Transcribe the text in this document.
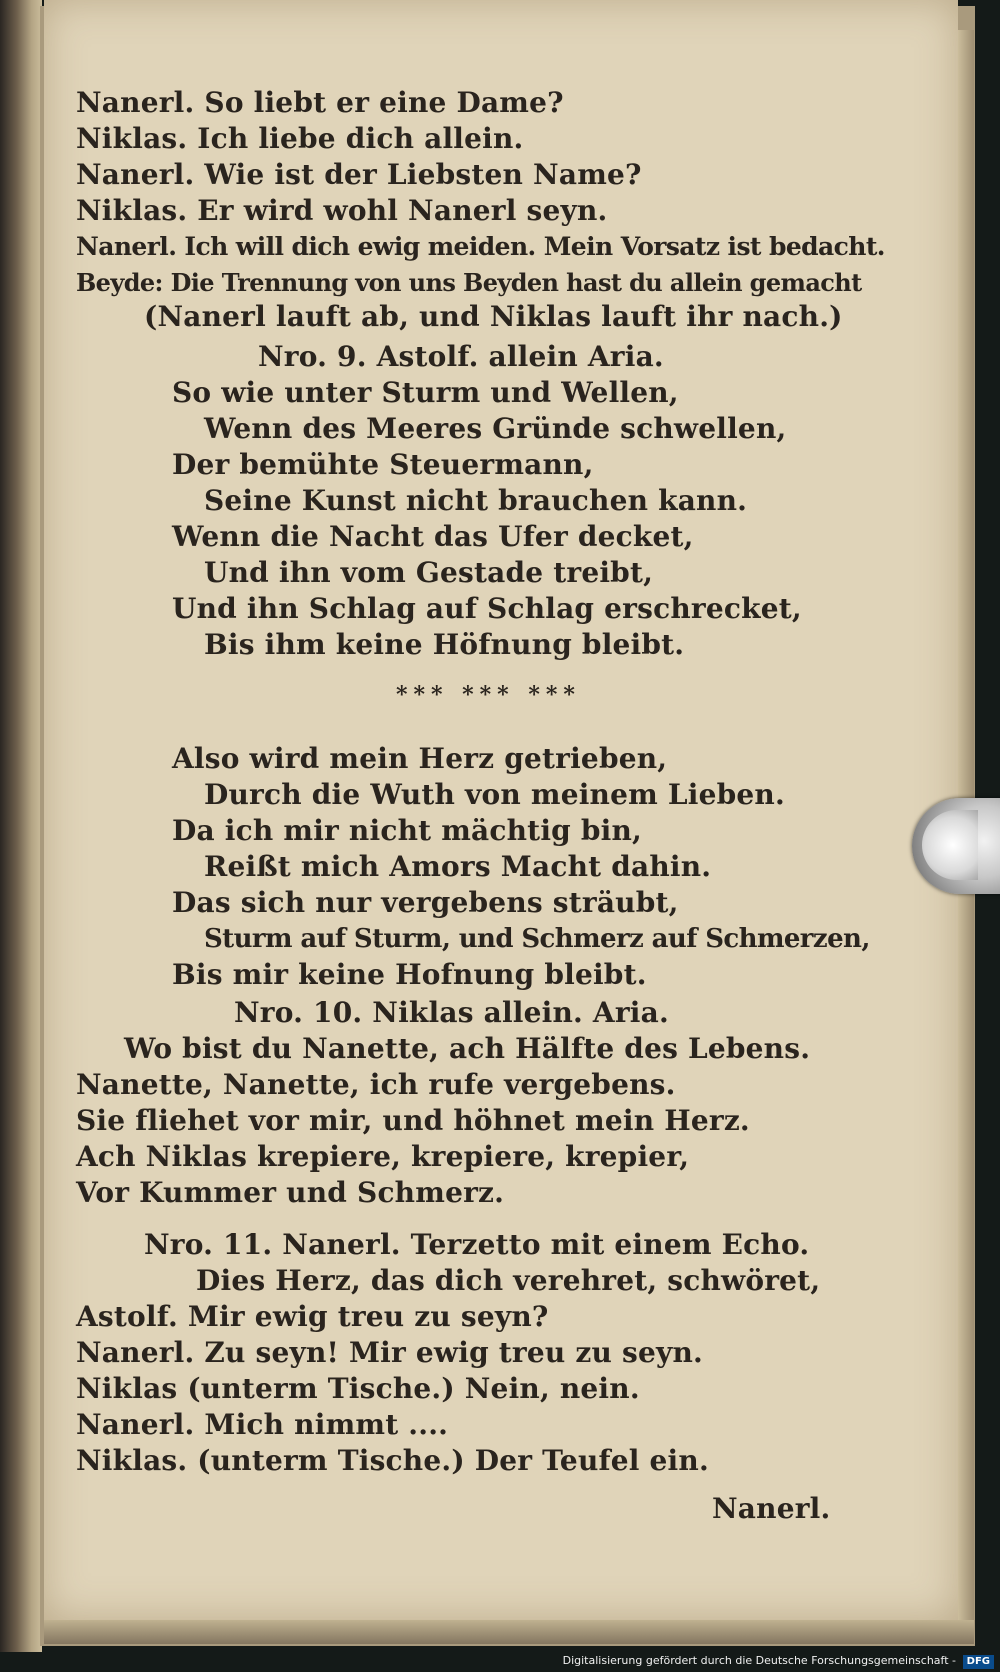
Nanerl. So liebt er eine Dame?
Niklas. Ich liebe dich allein.
Nanerl. Wie ist der Liebsten Name?
Niklas. Er wird wohl Nanerl seyn.
Nanerl. Ich will dich ewig meiden. Mein Vorsatz ist bedacht.
Beyde: Die Trennung von uns Beyden hast du allein gemacht
(Nanerl lauft ab, und Niklas lauft ihr nach.)
Nro. 9. Astolf. allein Aria.
So wie unter Sturm und Wellen,
Wenn des Meeres Gründe schwellen,
Der bemühte Steuermann,
Seine Kunst nicht brauchen kann.
Wenn die Nacht das Ufer decket,
Und ihn vom Gestade treibt,
Und ihn Schlag auf Schlag erschrecket,
Bis ihm keine Höfnung bleibt.
*** *** ***
Also wird mein Herz getrieben,
Durch die Wuth von meinem Lieben.
Da ich mir nicht mächtig bin,
Reißt mich Amors Macht dahin.
Das sich nur vergebens sträubt,
Sturm auf Sturm, und Schmerz auf Schmerzen,
Bis mir keine Hofnung bleibt.
Nro. 10. Niklas allein. Aria.
Wo bist du Nanette, ach Hälfte des Lebens.
Nanette, Nanette, ich rufe vergebens.
Sie fliehet vor mir, und höhnet mein Herz.
Ach Niklas krepiere, krepiere, krepier,
Vor Kummer und Schmerz.
Nro. 11. Nanerl. Terzetto mit einem Echo.
Dies Herz, das dich verehret, schwöret,
Astolf. Mir ewig treu zu seyn?
Nanerl. Zu seyn! Mir ewig treu zu seyn.
Niklas (unterm Tische.) Nein, nein.
Nanerl. Mich nimmt ....
Niklas. (unterm Tische.) Der Teufel ein.
Nanerl.
Digitalisierung gefördert durch die Deutsche Forschungsgemeinschaft -	DFG
